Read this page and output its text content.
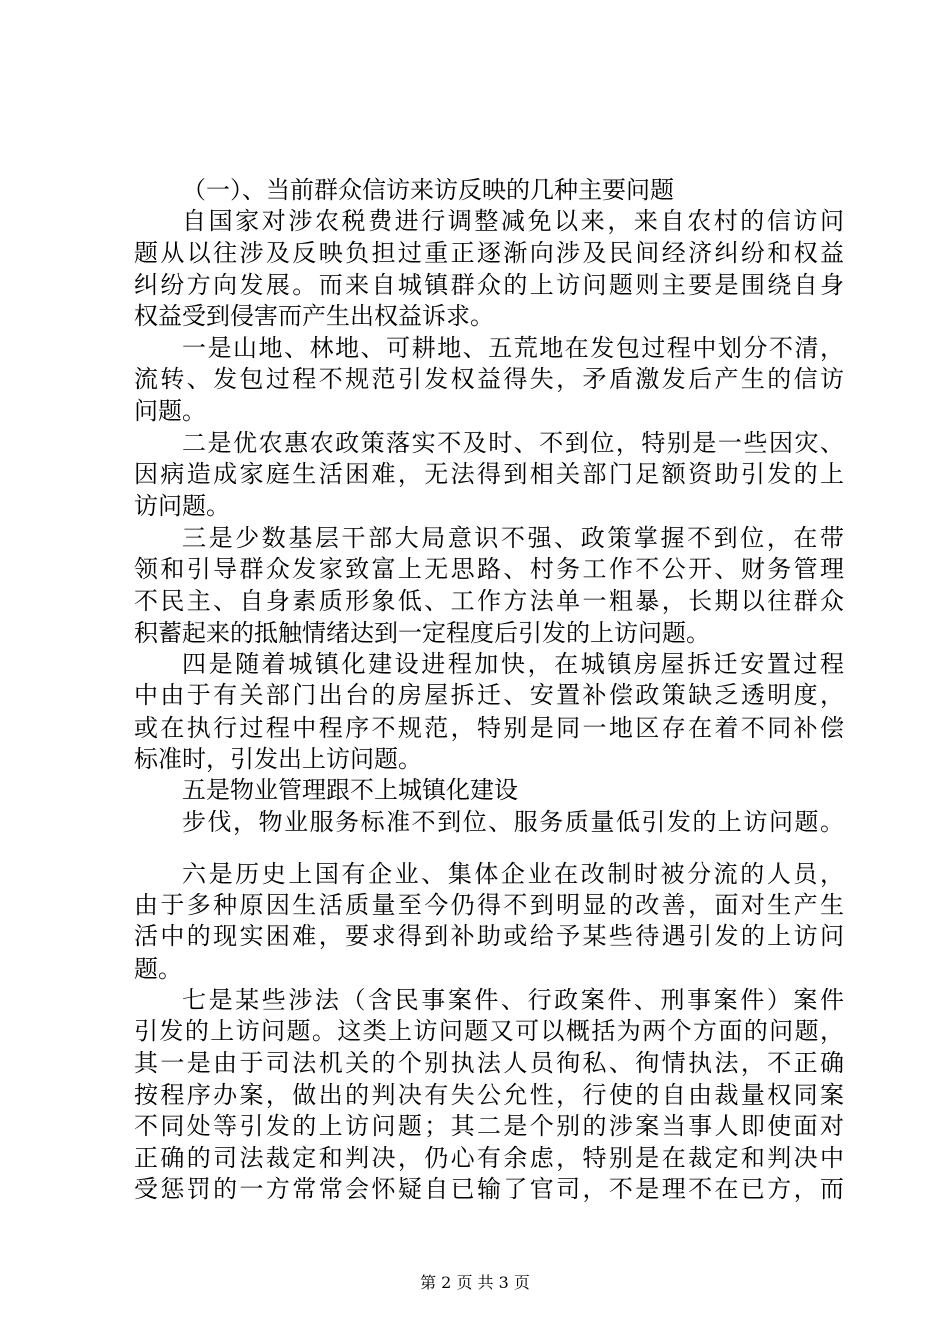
（一）、当前群众信访来访反映的几种主要问题
自国家对涉农税费进行调整减免以来，来自农村的信访问
题从以往涉及反映负担过重正逐渐向涉及民间经济纠纷和权益
纠纷方向发展。而来自城镇群众的上访问题则主要是围绕自身
权益受到侵害而产生出权益诉求。
一是山地、林地、可耕地、五荒地在发包过程中划分不清，
流转、发包过程不规范引发权益得失，矛盾激发后产生的信访
问题。
二是优农惠农政策落实不及时、不到位，特别是一些因灾、
因病造成家庭生活困难，无法得到相关部门足额资助引发的上
访问题。
三是少数基层干部大局意识不强、政策掌握不到位，在带
领和引导群众发家致富上无思路、村务工作不公开、财务管理
不民主、自身素质形象低、工作方法单一粗暴，长期以往群众
积蓄起来的抵触情绪达到一定程度后引发的上访问题。
四是随着城镇化建设进程加快，在城镇房屋拆迁安置过程
中由于有关部门出台的房屋拆迁、安置补偿政策缺乏透明度，
或在执行过程中程序不规范，特别是同一地区存在着不同补偿
标准时，引发出上访问题。
五是物业管理跟不上城镇化建设
步伐，物业服务标准不到位、服务质量低引发的上访问题。
六是历史上国有企业、集体企业在改制时被分流的人员，
由于多种原因生活质量至今仍得不到明显的改善，面对生产生
活中的现实困难，要求得到补助或给予某些待遇引发的上访问
题。
七是某些涉法（含民事案件、行政案件、刑事案件）案件
引发的上访问题。这类上访问题又可以概括为两个方面的问题，
其一是由于司法机关的个别执法人员徇私、徇情执法，不正确
按程序办案，做出的判决有失公允性，行使的自由裁量权同案
不同处等引发的上访问题；其二是个别的涉案当事人即使面对
正确的司法裁定和判决，仍心有余虑，特别是在裁定和判决中
受惩罚的一方常常会怀疑自已输了官司，不是理不在已方，而
第 2 页 共 3 页
